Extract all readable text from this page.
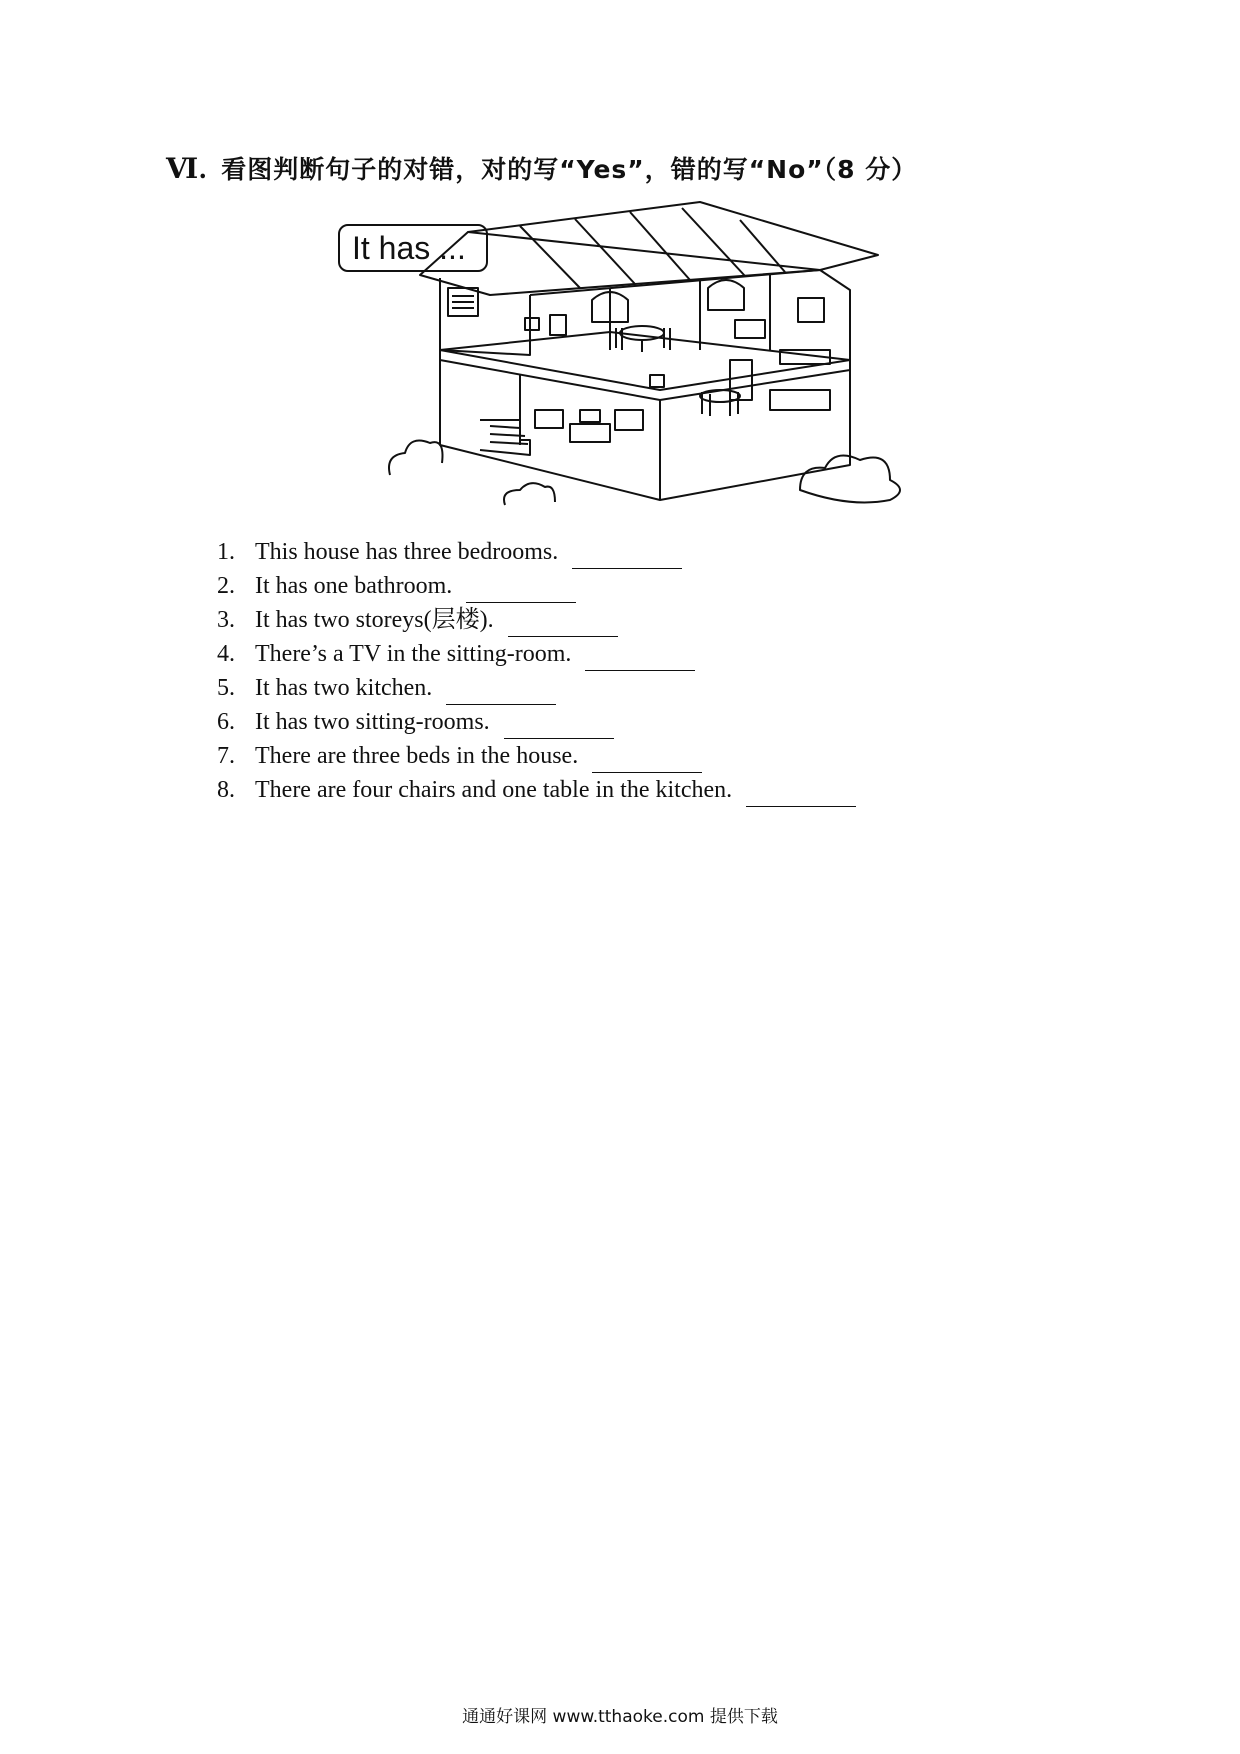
Ⅵ. 看图判断句子的对错，对的写“Yes”，错的写“No”（8 分）
It has ...
1. This house has three bedrooms.
2. It has one bathroom.
3. It has two storeys(层楼).
4. There’s a TV in the sitting-room.
5. It has two kitchen.
6. It has two sitting-rooms.
7. There are three beds in the house.
8. There are four chairs and one table in the kitchen.
通通好课网 www.tthaoke.com 提供下载
